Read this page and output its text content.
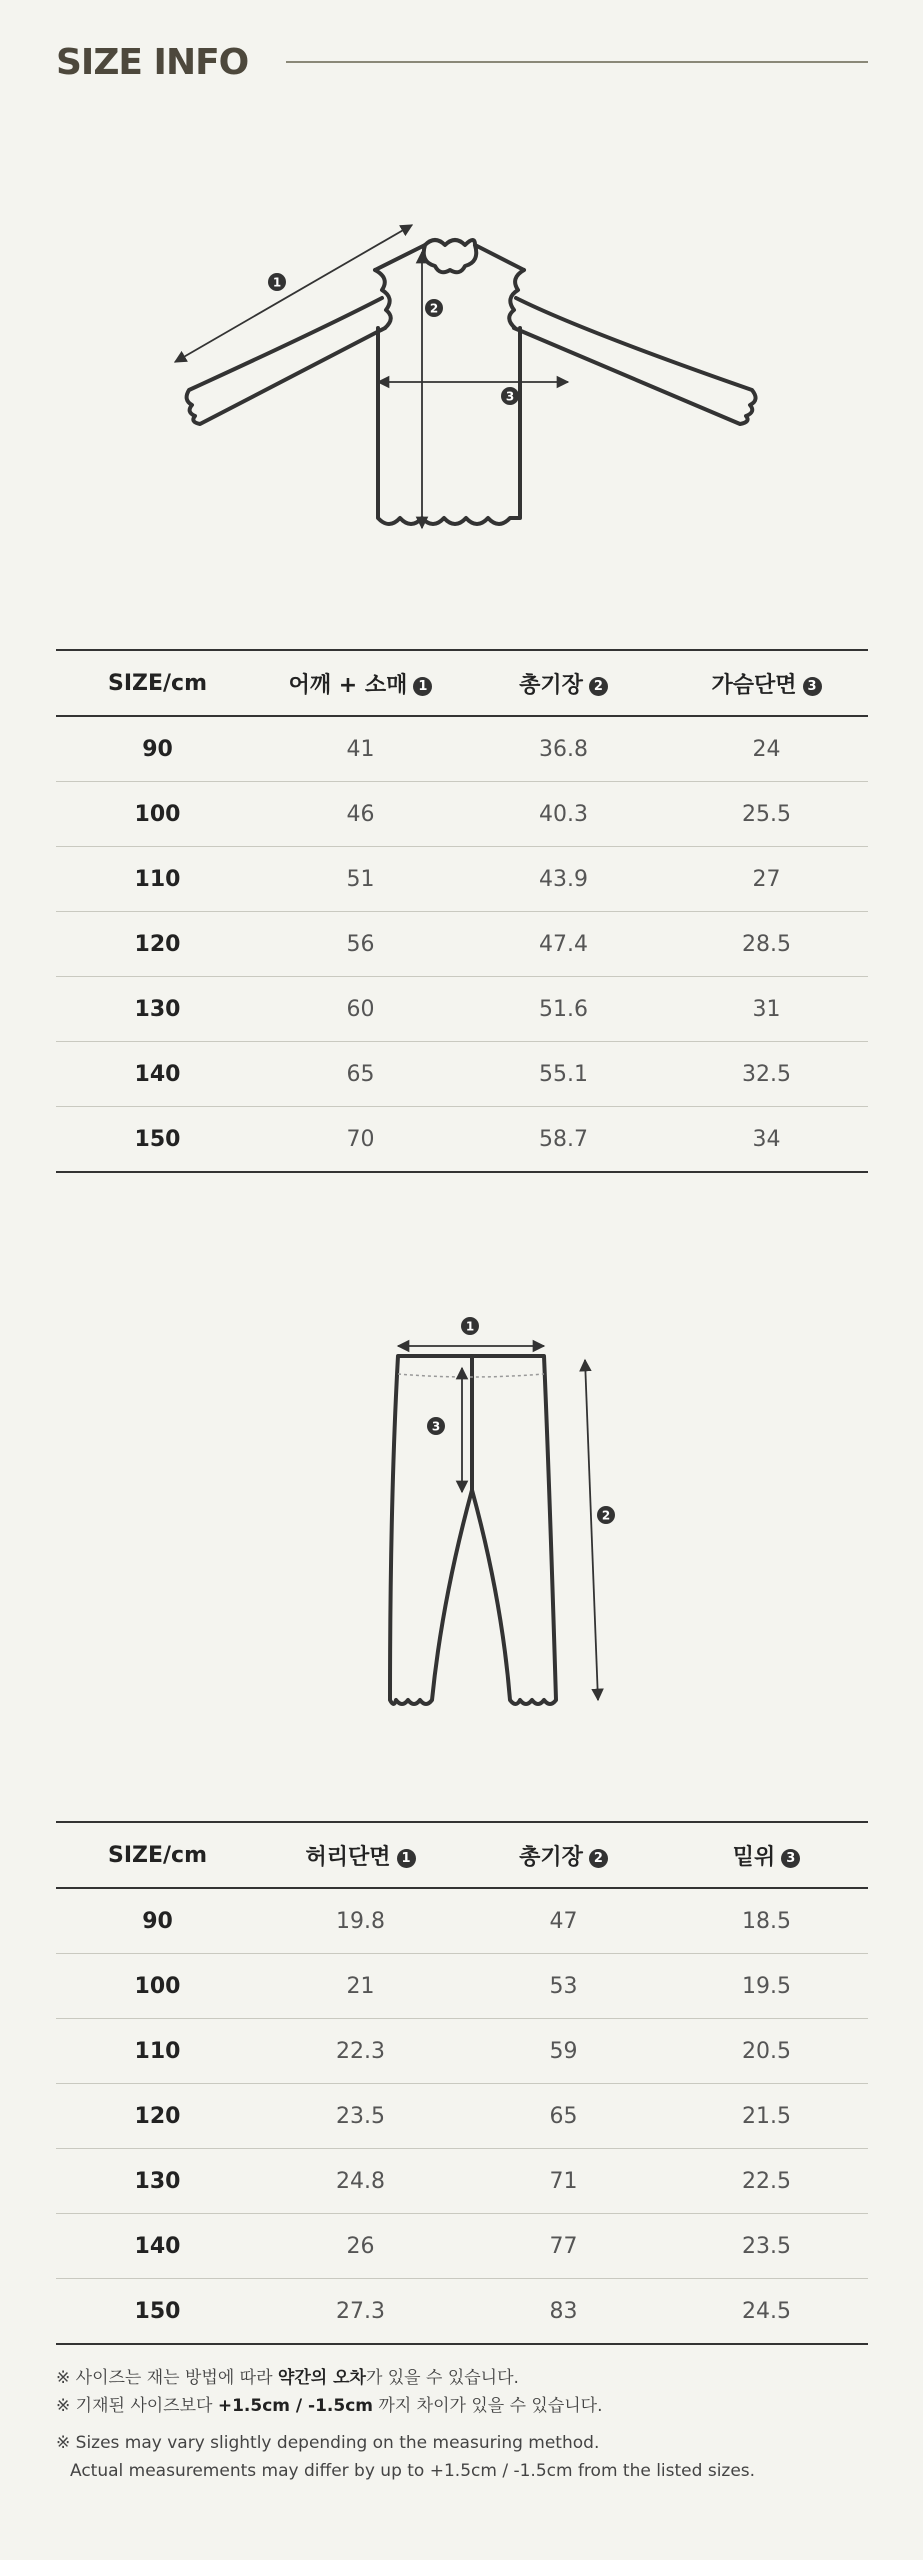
SIZE INFO
1
2
3
SIZE/cm	어깨 + 소매 1	총기장 2	가슴단면 3
90	41	36.8	24
100	46	40.3	25.5
110	51	43.9	27
120	56	47.4	28.5
130	60	51.6	31
140	65	55.1	32.5
150	70	58.7	34
1
2
3
SIZE/cm	허리단면 1	총기장 2	밑위 3
90	19.8	47	18.5
100	21	53	19.5
110	22.3	59	20.5
120	23.5	65	21.5
130	24.8	71	22.5
140	26	77	23.5
150	27.3	83	24.5

※ 사이즈는 재는 방법에 따라 약간의 오차가 있을 수 있습니다.

※ 기재된 사이즈보다 +1.5cm / -1.5cm 까지 차이가 있을 수 있습니다.

※ Sizes may vary slightly depending on the measuring method.

Actual measurements may differ by up to +1.5cm / -1.5cm from the listed sizes.
